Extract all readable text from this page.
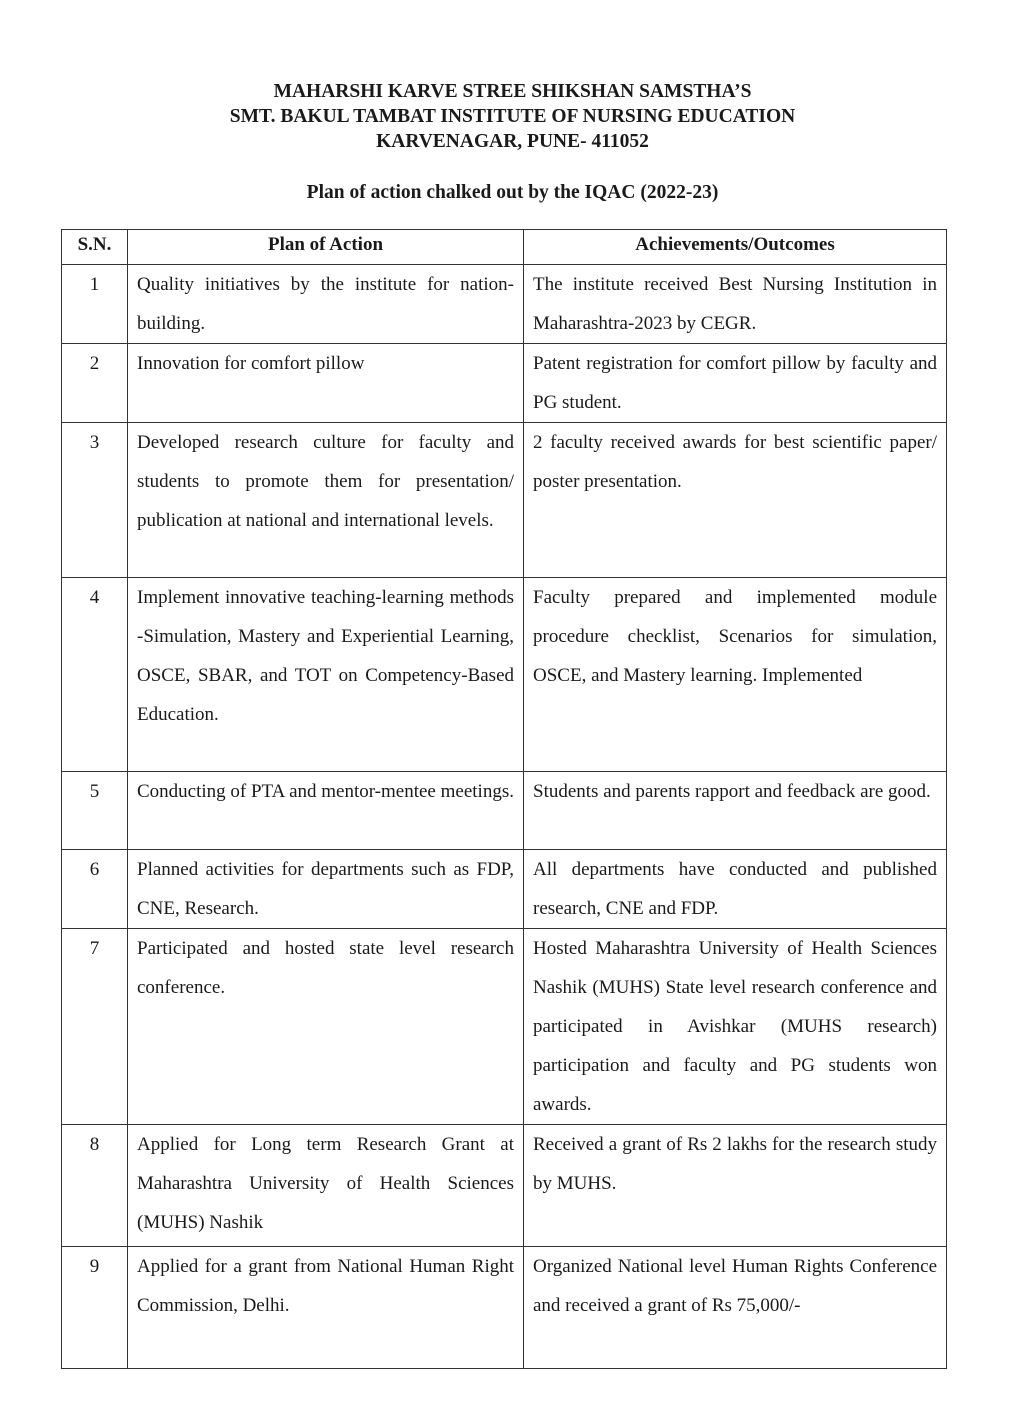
MAHARSHI KARVE STREE SHIKSHAN SAMSTHA’S
SMT. BAKUL TAMBAT INSTITUTE OF NURSING EDUCATION
KARVENAGAR, PUNE- 411052
Plan of action chalked out by the IQAC (2022-23)
S.N.	Plan of Action	Achievements/Outcomes
1	Quality initiatives by the institute for nation-building.	The institute received Best Nursing Institution in Maharashtra-2023 by CEGR.
2	Innovation for comfort pillow	Patent registration for comfort pillow by faculty and PG student.
3	Developed research culture for faculty and students to promote them for presentation/ publication at national and international levels.	2 faculty received awards for best scientific paper/ poster presentation.
4	Implement innovative teaching-learning methods -Simulation, Mastery and Experiential Learning, OSCE, SBAR, and TOT on Competency-Based Education.	Faculty prepared and implemented module procedure checklist, Scenarios for simulation, OSCE, and Mastery learning. Implemented
5	Conducting of PTA and mentor-mentee meetings.	Students and parents rapport and feedback are good.
6	Planned activities for departments such as FDP, CNE, Research.	All departments have conducted and published research, CNE and FDP.
7	Participated and hosted state level research conference.	Hosted Maharashtra University of Health Sciences Nashik (MUHS) State level research conference and participated in Avishkar (MUHS research) participation and faculty and PG students won awards.
8	Applied for Long term Research Grant at Maharashtra University of Health Sciences (MUHS) Nashik	Received a grant of Rs 2 lakhs for the research study by MUHS.
9	Applied for a grant from National Human Right Commission, Delhi.	Organized National level Human Rights Conference and received a grant of Rs 75,000/-
